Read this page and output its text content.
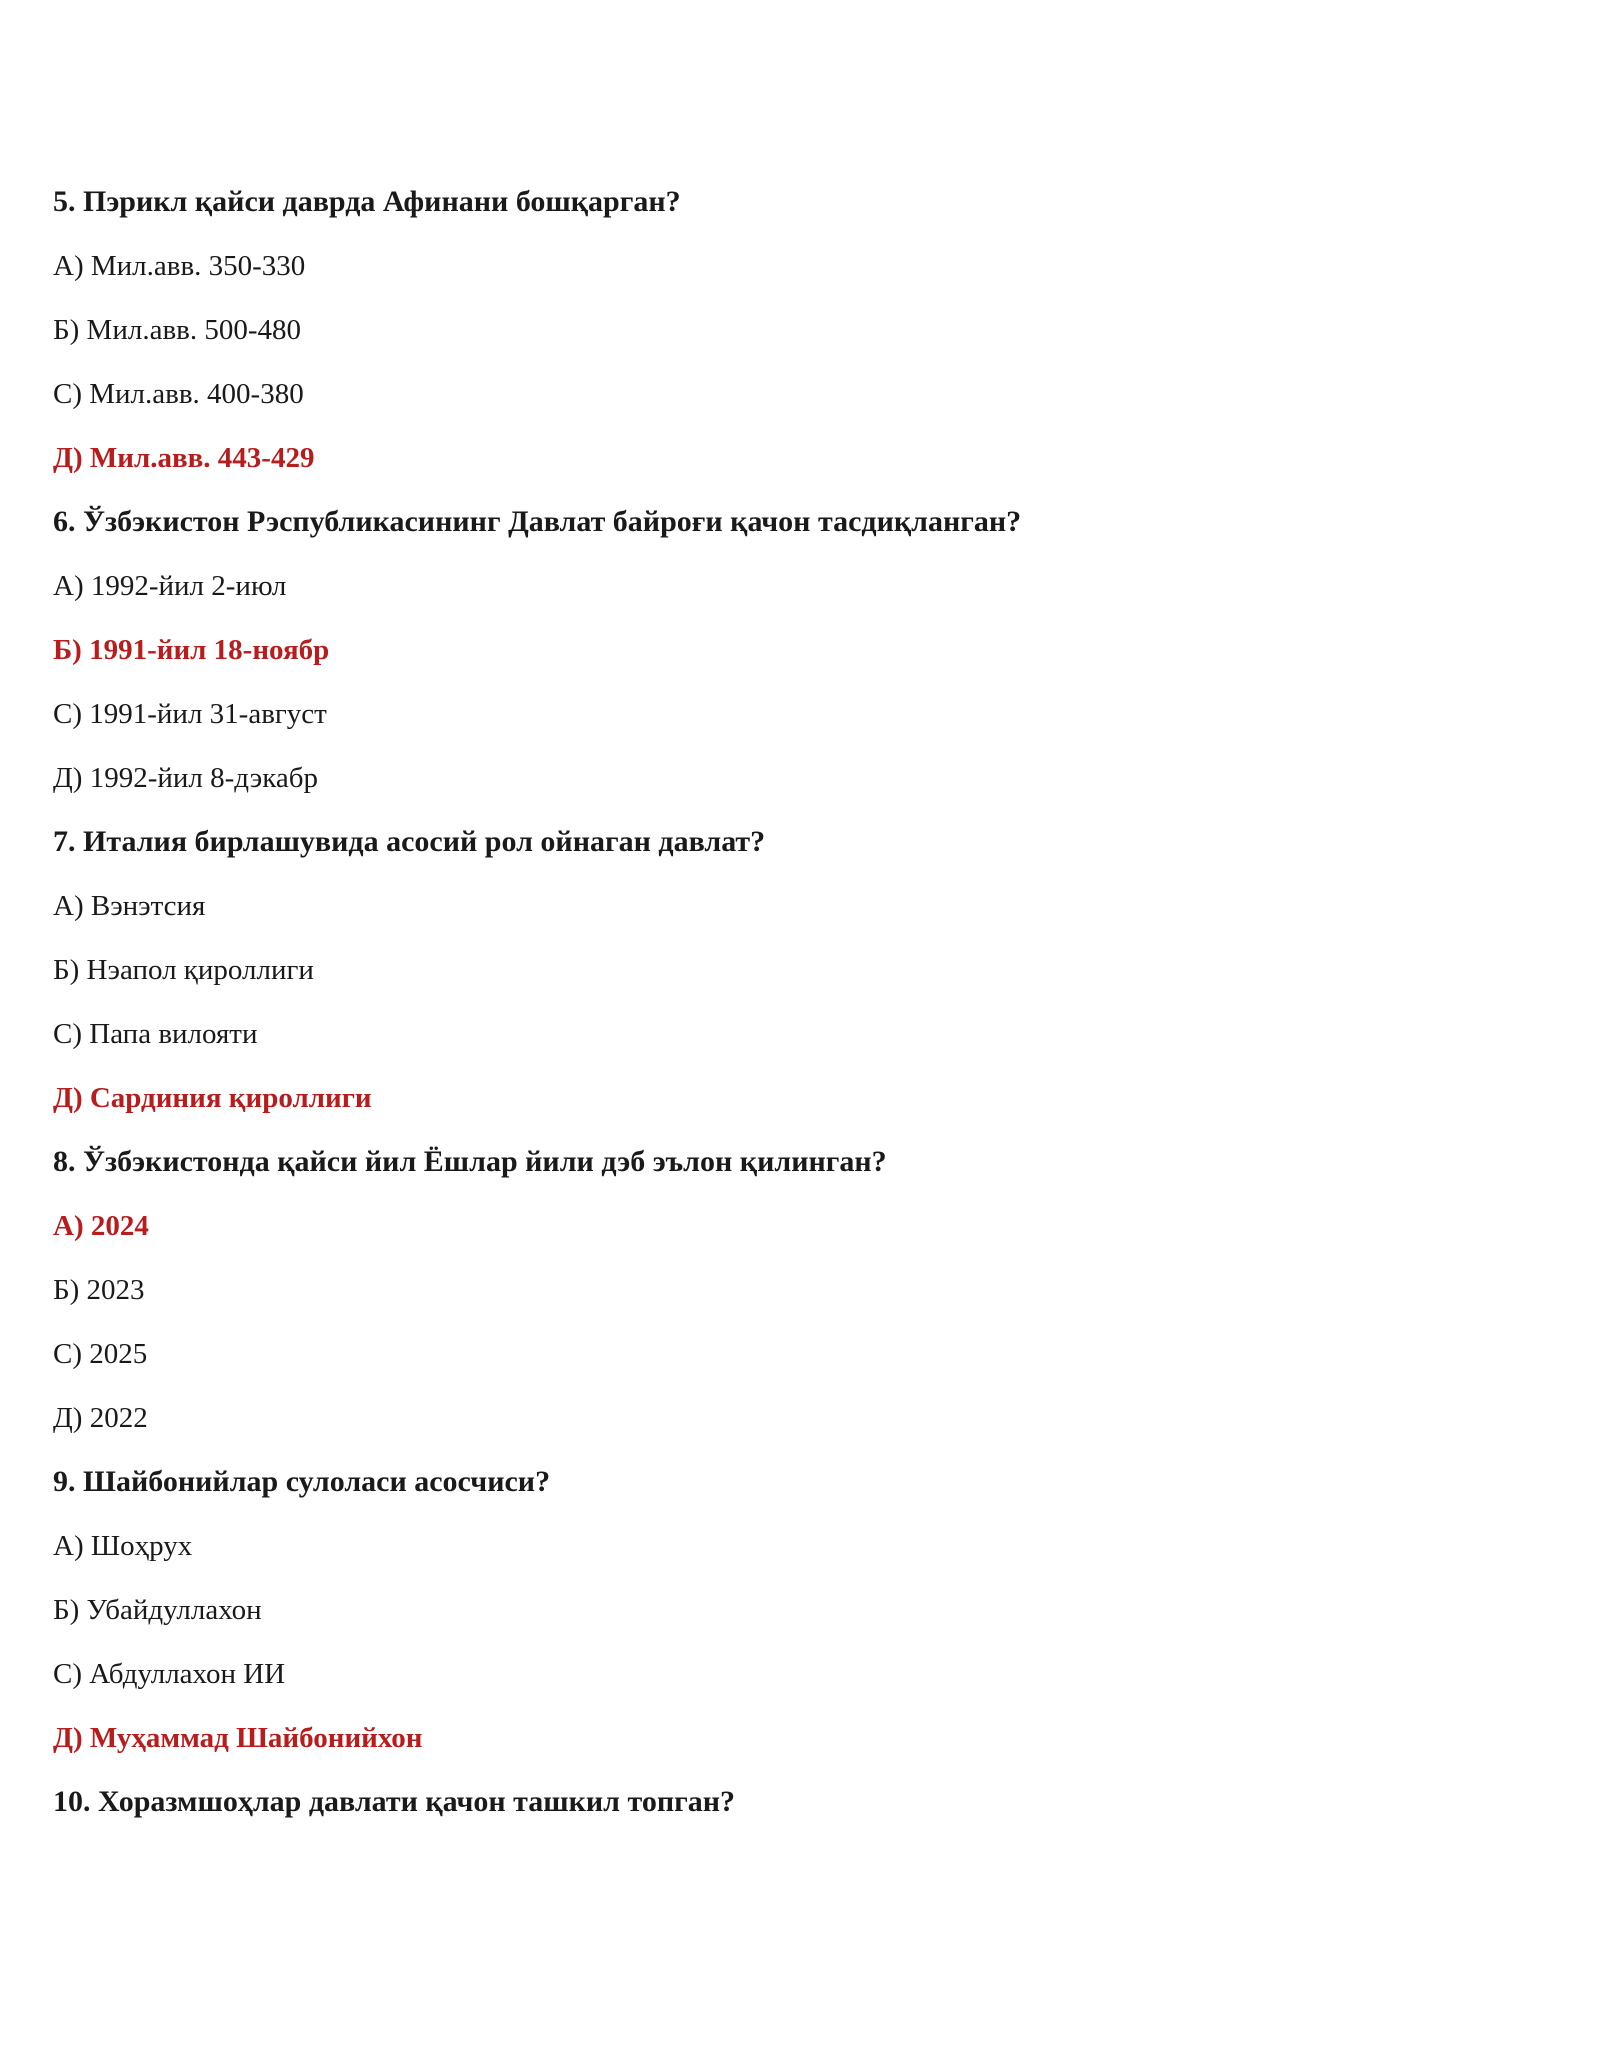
5. Пэрикл қайси даврда Афинани бошқарган?
А) Мил.авв. 350-330
Б) Мил.авв. 500-480
С) Мил.авв. 400-380
Д) Мил.авв. 443-429
6. Ўзбэкистон Рэспубликасининг Давлат байроғи қачон тасдиқланган?
А) 1992-йил 2-июл
Б) 1991-йил 18-ноябр
С) 1991-йил 31-август
Д) 1992-йил 8-дэкабр
7. Италия бирлашувида асосий рол ойнаган давлат?
А) Вэнэтсия
Б) Нэапол қироллиги
С) Папа вилояти
Д) Сардиния қироллиги
8. Ўзбэкистонда қайси йил Ёшлар йили дэб эълон қилинган?
А) 2024
Б) 2023
С) 2025
Д) 2022
9. Шайбонийлар сулоласи асосчиси?
А) Шоҳрух
Б) Убайдуллахон
С) Абдуллахон ИИ
Д) Муҳаммад Шайбонийхон
10. Хоразмшоҳлар давлати қачон ташкил топган?
